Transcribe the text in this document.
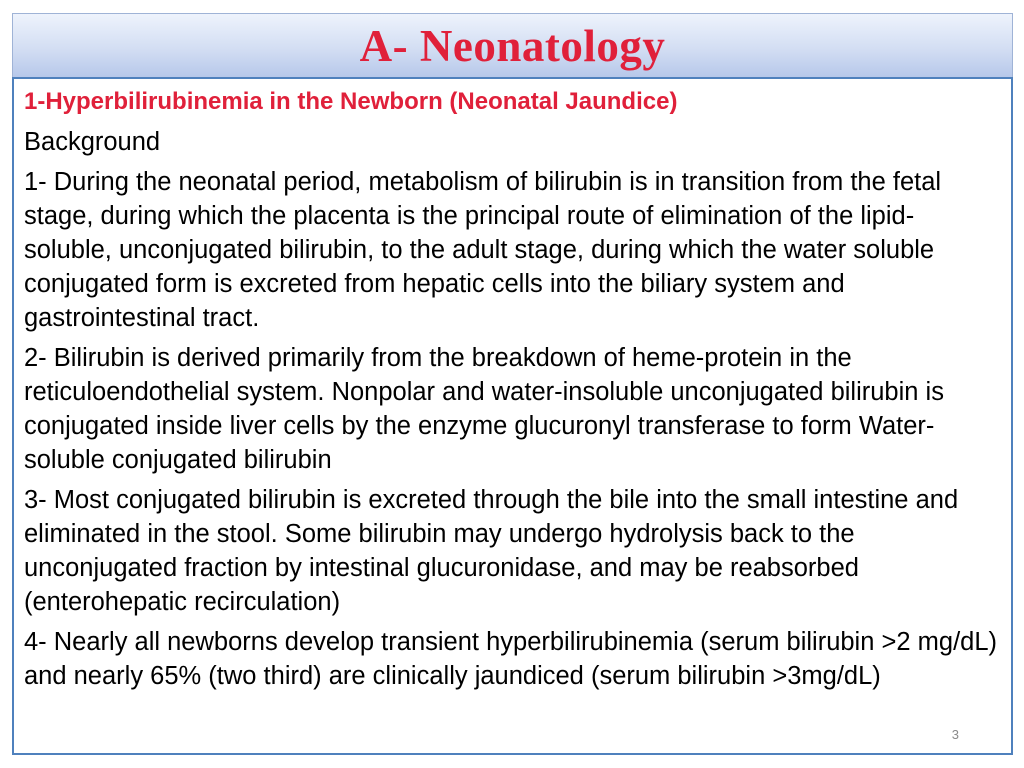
A- Neonatology
1-Hyperbilirubinemia in the Newborn (Neonatal Jaundice)
Background
1- During the neonatal period, metabolism of bilirubin is in transition from the fetal stage, during which the placenta is the principal route of elimination of the lipid-soluble, unconjugated bilirubin, to the adult stage, during which the water soluble conjugated form is excreted from hepatic cells into the biliary system and gastrointestinal tract.
2- Bilirubin is derived primarily from the breakdown of heme-protein in the reticuloendothelial system. Nonpolar and water-insoluble unconjugated bilirubin is conjugated inside liver cells by the enzyme glucuronyl transferase to form Water-soluble conjugated bilirubin
3- Most conjugated bilirubin is excreted through the bile into the small intestine and eliminated in the stool. Some bilirubin may undergo hydrolysis back to the unconjugated fraction by intestinal glucuronidase, and may be reabsorbed (enterohepatic recirculation)
4- Nearly all newborns develop transient hyperbilirubinemia (serum bilirubin >2 mg/dL) and nearly 65% (two third) are clinically jaundiced (serum bilirubin >3mg/dL)
3
